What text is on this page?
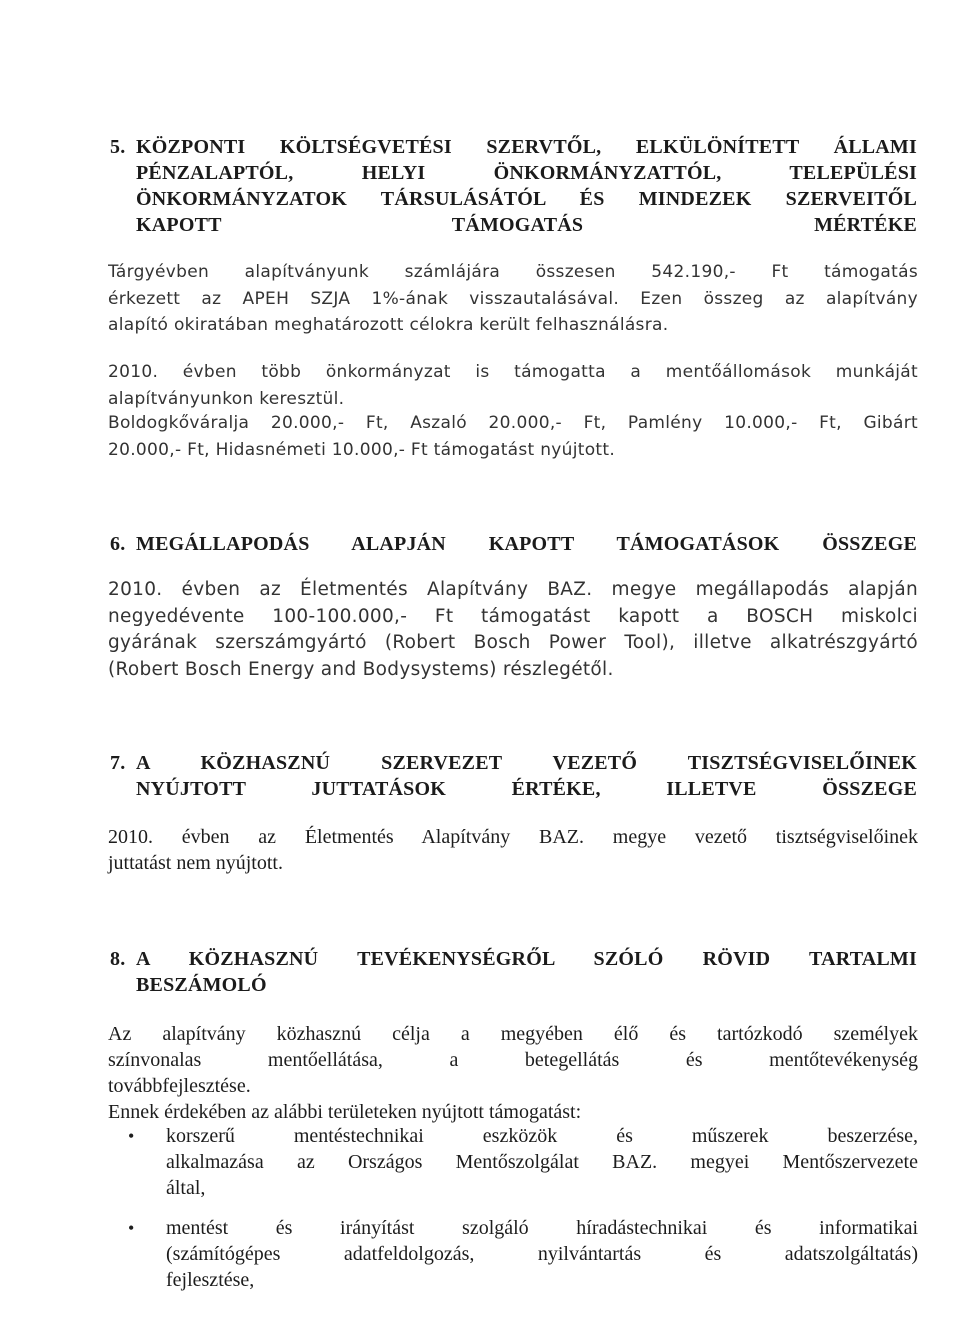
5. KÖZPONTI KÖLTSÉGVETÉSI SZERVTŐL, ELKÜLÖNÍTETT ÁLLAMI
PÉNZALAPTÓL, HELYI ÖNKORMÁNYZATTÓL, TELEPÜLÉSI
ÖNKORMÁNYZATOK TÁRSULÁSÁTÓL ÉS MINDEZEK SZERVEITŐL
KAPOTT TÁMOGATÁS MÉRTÉKE
Tárgyévben alapítványunk számlájára összesen 542.190,- Ft támogatás
érkezett az APEH SZJA 1%-ának visszautalásával. Ezen összeg az alapítvány
alapító okiratában meghatározott célokra került felhasználásra.
2010. évben több önkormányzat is támogatta a mentőállomások munkáját
alapítványunkon keresztül.
Boldogkőváralja 20.000,- Ft, Aszaló 20.000,- Ft, Pamlény 10.000,- Ft, Gibárt
20.000,- Ft, Hidasnémeti 10.000,- Ft támogatást nyújtott.
6. MEGÁLLAPODÁS ALAPJÁN KAPOTT TÁMOGATÁSOK ÖSSZEGE
2010. évben az Életmentés Alapítvány BAZ. megye megállapodás alapján
negyedévente 100-100.000,- Ft támogatást kapott a BOSCH miskolci
gyárának szerszámgyártó (Robert Bosch Power Tool), illetve alkatrészgyártó
(Robert Bosch Energy and Bodysystems) részlegétől.
7. A KÖZHASZNÚ SZERVEZET VEZETŐ TISZTSÉGVISELŐINEK
NYÚJTOTT JUTTATÁSOK ÉRTÉKE, ILLETVE ÖSSZEGE
2010. évben az Életmentés Alapítvány BAZ. megye vezető tisztségviselőinek
juttatást nem nyújtott.
8. A KÖZHASZNÚ TEVÉKENYSÉGRŐL SZÓLÓ RÖVID TARTALMI
BESZÁMOLÓ
Az alapítvány közhasznú célja a megyében élő és tartózkodó személyek
színvonalas mentőellátása, a betegellátás és mentőtevékenység
továbbfejlesztése.
Ennek érdekében az alábbi területeken nyújtott támogatást:
• korszerű mentéstechnikai eszközök és műszerek beszerzése,
alkalmazása az Országos Mentőszolgálat BAZ. megyei Mentőszervezete
által,
• mentést és irányítást szolgáló híradástechnikai és informatikai
(számítógépes adatfeldolgozás, nyilvántartás és adatszolgáltatás)
fejlesztése,
